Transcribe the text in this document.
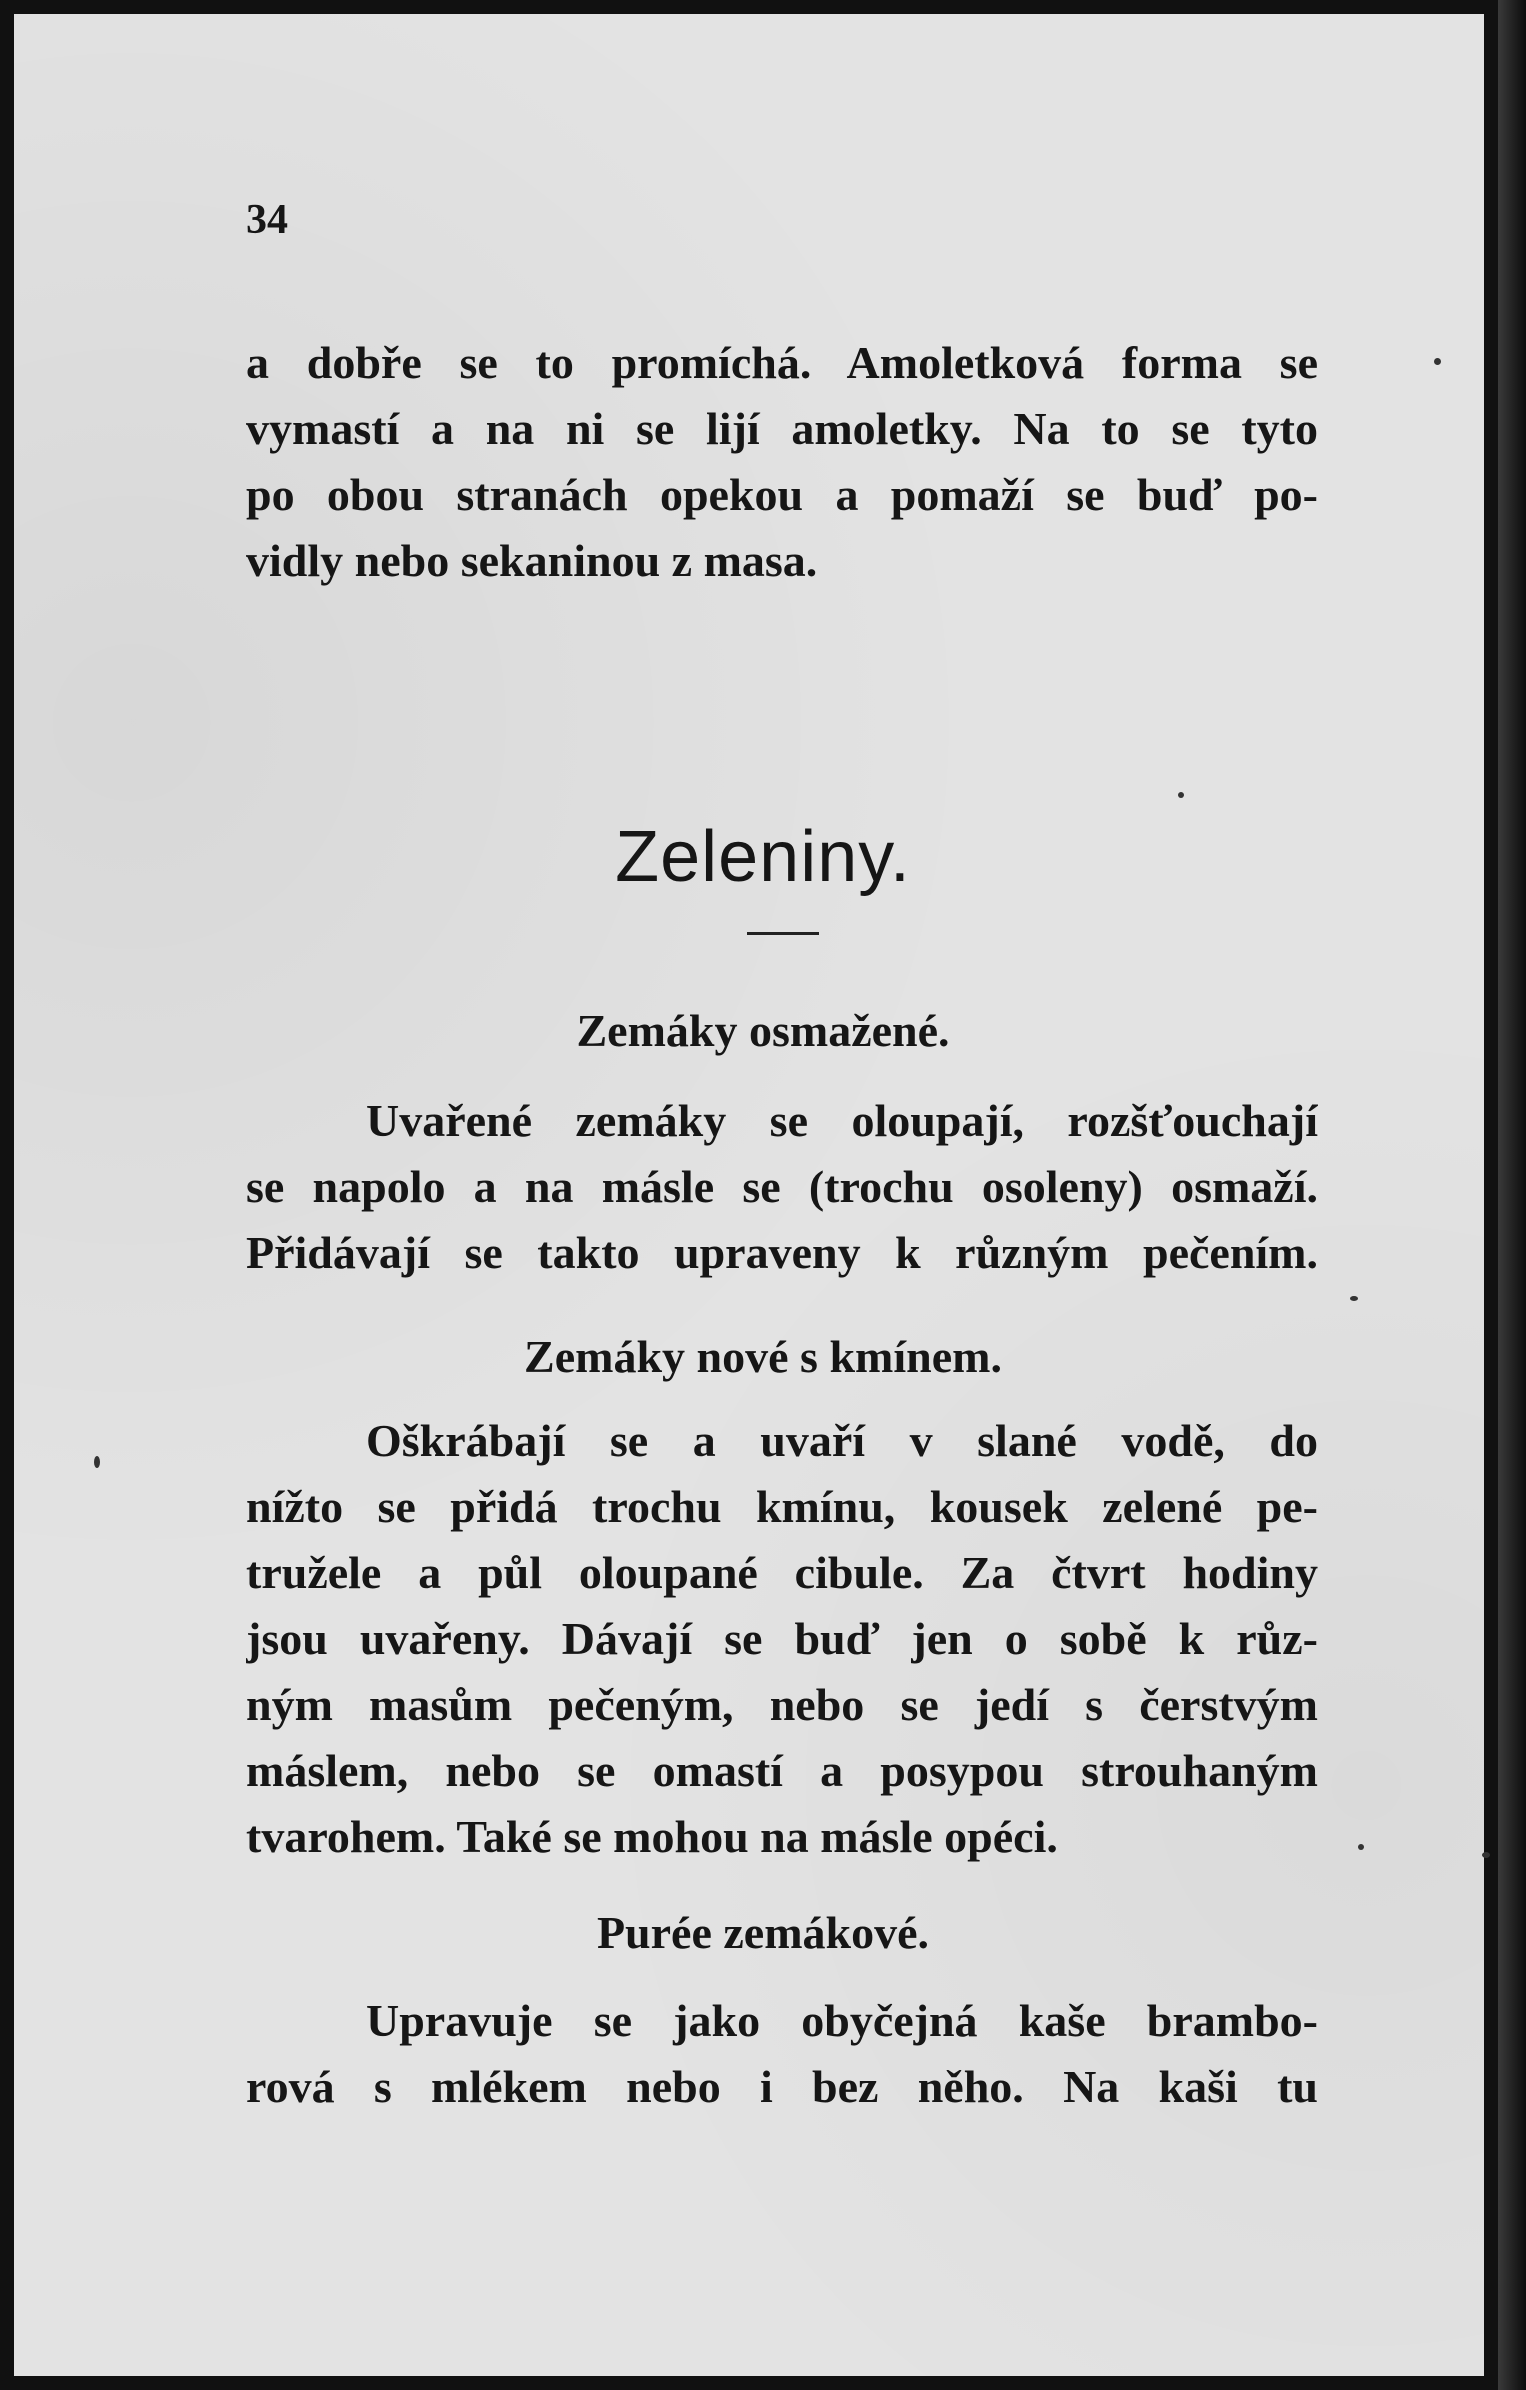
34
a dobře se to promíchá. Amoletková forma se
vymastí a na ni se lijí amoletky. Na to se tyto
po obou stranách opekou a pomaží se buď po-
vidly nebo sekaninou z masa.
Zeleniny.
Zemáky osmažené.
Uvařené zemáky se oloupají, rozšťouchají
se napolo a na másle se (trochu osoleny) osmaží.
Přidávají se takto upraveny k různým pečením.
Zemáky nové s kmínem.
Oškrábají se a uvaří v slané vodě, do
nížto se přidá trochu kmínu, kousek zelené pe-
tružele a půl oloupané cibule. Za čtvrt hodiny
jsou uvařeny. Dávají se buď jen o sobě k růz-
ným masům pečeným, nebo se jedí s čerstvým
máslem, nebo se omastí a posypou strouhaným
tvarohem. Také se mohou na másle opéci.
Purée zemákové.
Upravuje se jako obyčejná kaše brambo-
rová s mlékem nebo i bez něho. Na kaši tu
